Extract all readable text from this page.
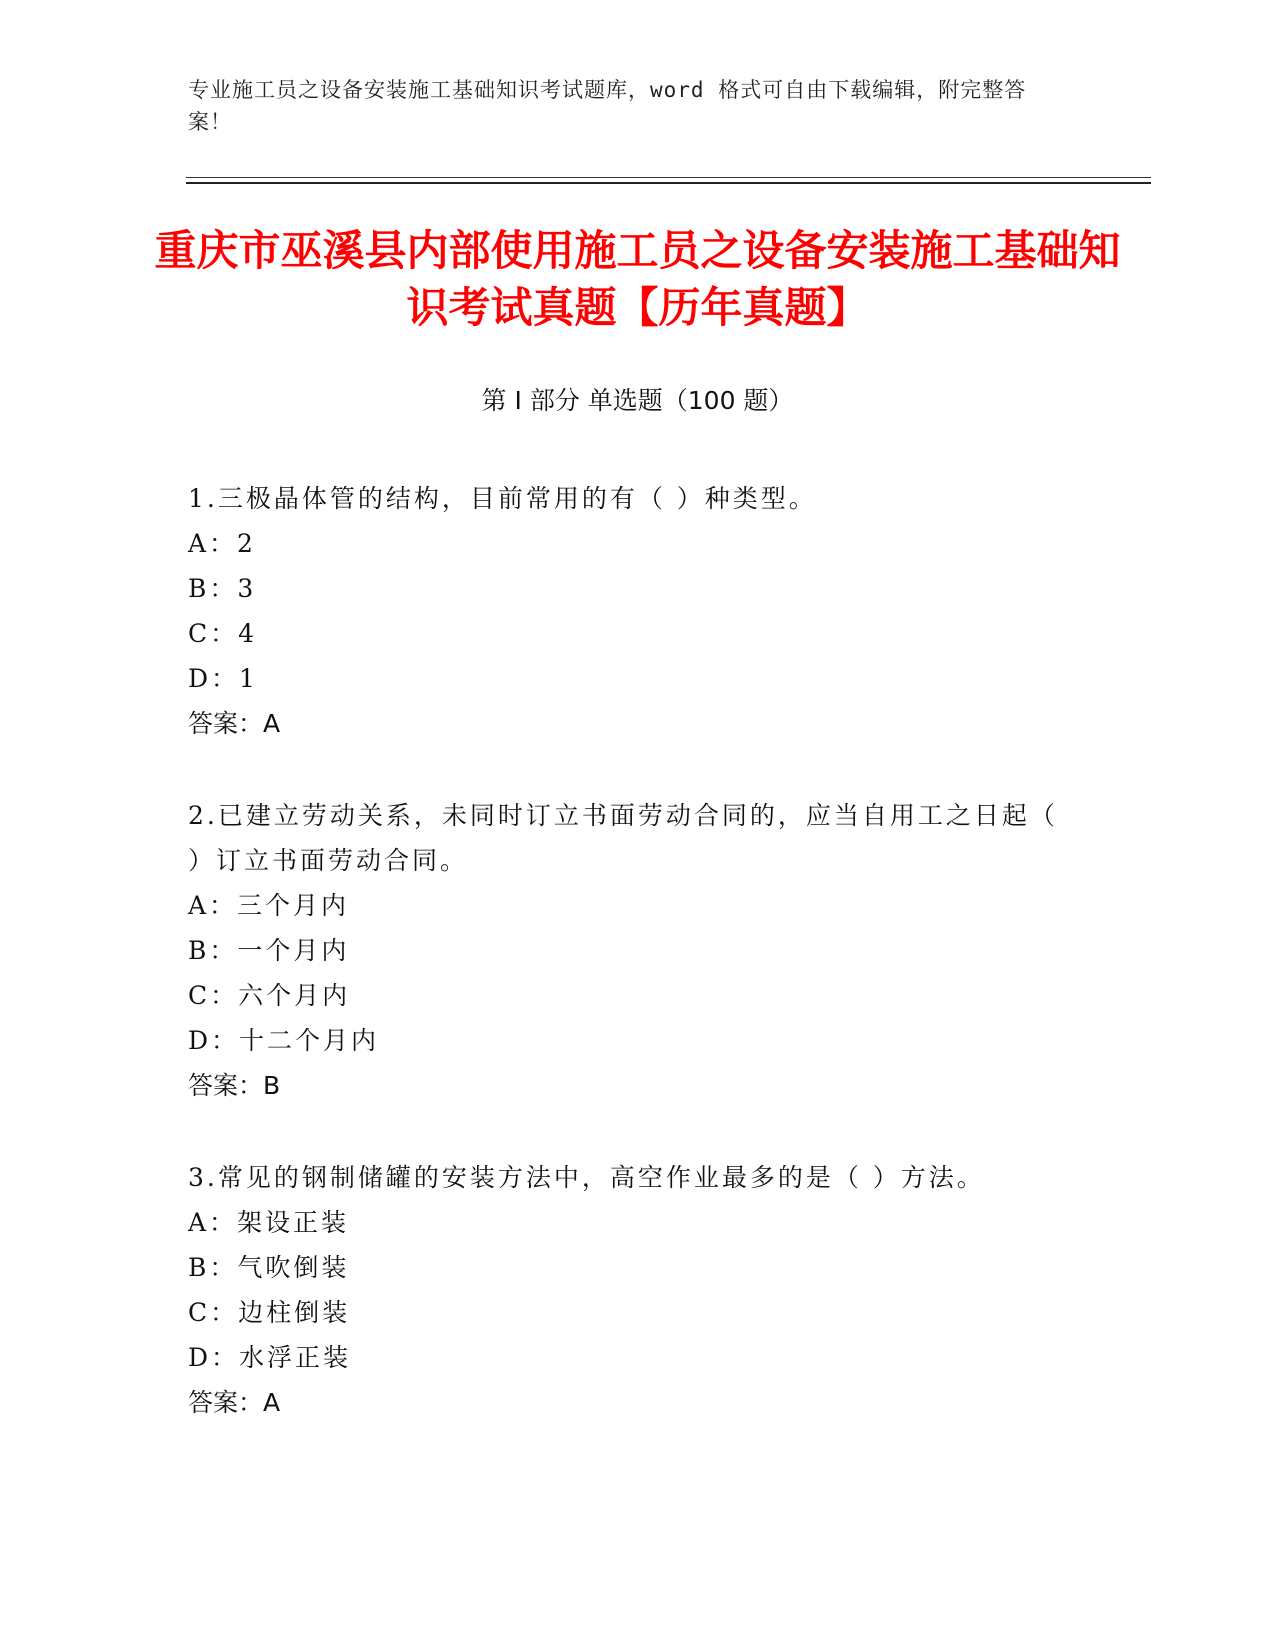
专业施工员之设备安装施工基础知识考试题库，word 格式可自由下载编辑，附完整答案！
重庆市巫溪县内部使用施工员之设备安装施工基础知识考试真题【历年真题】
第 I 部分 单选题（100 题）

1.三极晶体管的结构，目前常用的有（ ）种类型。

A：2

B：3

C：4

D：1

答案：A

2.已建立劳动关系，未同时订立书面劳动合同的，应当自用工之日起（ ）订立书面劳动合同。

A：三个月内

B：一个月内

C：六个月内

D：十二个月内

答案：B

3.常见的钢制储罐的安装方法中，高空作业最多的是（ ）方法。

A：架设正装

B：气吹倒装

C：边柱倒装

D：水浮正装

答案：A
